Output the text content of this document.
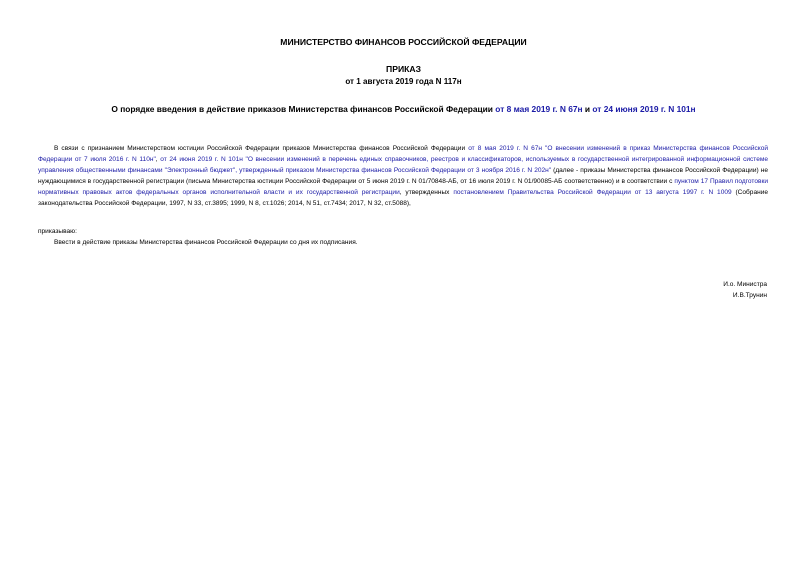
МИНИСТЕРСТВО ФИНАНСОВ РОССИЙСКОЙ ФЕДЕРАЦИИ
ПРИКАЗ
от 1 августа 2019 года N 117н
О порядке введения в действие приказов Министерства финансов Российской Федерации от 8 мая 2019 г. N 67н и от 24 июня 2019 г. N 101н
В связи с признанием Министерством юстиции Российской Федерации приказов Министерства финансов Российской Федерации от 8 мая 2019 г. N 67н "О внесении изменений в приказ Министерства финансов Российской Федерации от 7 июля 2016 г. N 110н", от 24 июня 2019 г. N 101н "О внесении изменений в перечень единых справочников, реестров и классификаторов, используемых в государственной интегрированной информационной системе управления общественными финансами "Электронный бюджет", утвержденный приказом Министерства финансов Российской Федерации от 3 ноября 2016 г. N 202н" (далее - приказы Министерства финансов Российской Федерации) не нуждающимися в государственной регистрации (письма Министерства юстиции Российской Федерации от 5 июня 2019 г. N 01/70848-АБ, от 16 июля 2019 г. N 01/90085-АБ соответственно) и в соответствии с пунктом 17 Правил подготовки нормативных правовых актов федеральных органов исполнительной власти и их государственной регистрации, утвержденных постановлением Правительства Российской Федерации от 13 августа 1997 г. N 1009 (Собрание законодательства Российской Федерации, 1997, N 33, ст.3895; 1999, N 8, ст.1026; 2014, N 51, ст.7434; 2017, N 32, ст.5088),
приказываю:
Ввести в действие приказы Министерства финансов Российской Федерации со дня их подписания.
И.о. Министра
И.В.Трунин
